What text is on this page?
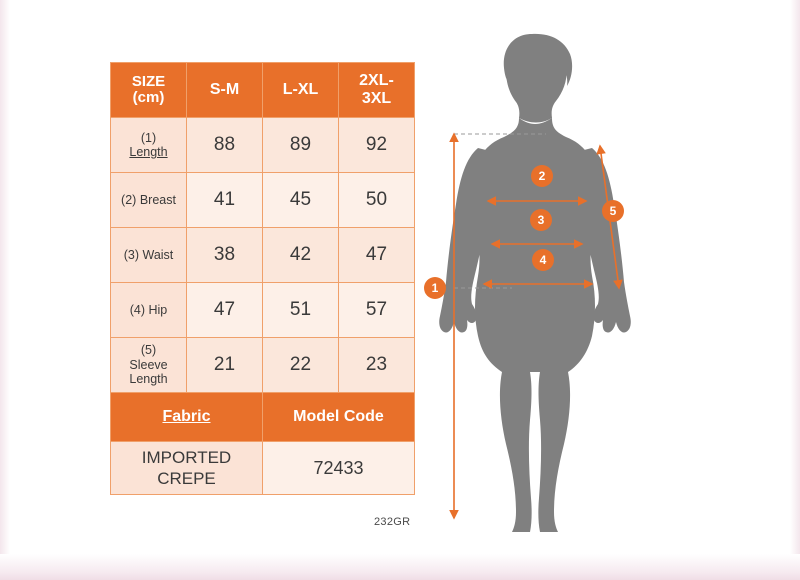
SIZE
(cm)	S-M	L-XL	2XL-
3XL

(1)
Length	88	89	92
(2) Breast	41	45	50
(3) Waist	38	42	47
(4) Hip	47	51	57

(5)
Sleeve
Length	21	22	23
Fabric		Model Code	
IMPORTED
CREPE		72433	
232GR
1
2
3
4
5
